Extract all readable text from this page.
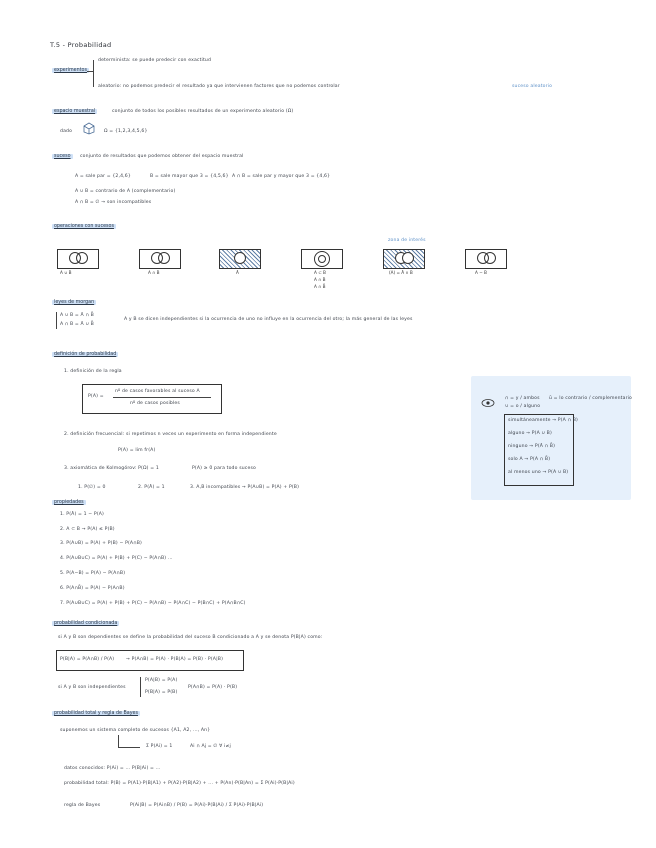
T.5 - Probabilidad
experimentos
determinista: se puede predecir con exactitud
aleatorio: no podemos predecir el resultado ya que intervienen factores que no podemos controlar	suceso aleatorio
espacio muestral	conjunto de todos los posibles resultados de un experimento aleatorio (Ω)
dado	Ω = {1,2,3,4,5,6}
suceso	conjunto de resultados que podemos obtener del espacio muestral
A = sale par = {2,4,6}	B = sale mayor que 3 = {4,5,6} A ∩ B = sale par y mayor que 3 = {4,6}
A ∪ B = contrario de A (complementario)
A ∩ B = ∅ → son incompatibles
operaciones con sucesos
zona de interés
A ∪ B	A ∩ B	Ā	A ⊂ B
A ∩ B
A ∩ B̄
(A) = Ā ∩ B	A − B
leyes de morgan
A ∪ B = Ā ∩ B̄
A ∩ B = Ā ∪ B̄
A y B se dicen independientes si la ocurrencia de uno no influye en la ocurrencia del otro; la más general de las leyes
definición de probabilidad
1. definición de la regla
P(A) =
nº de casos favorables al suceso A
nº de casos posibles
2. definición frecuencial: si repetimos n veces un experimento en forma independiente
P(A) = lim fr(A)
3. axiomática de Kolmogórov: P(Ω) = 1	P(A) ≥ 0 para todo suceso
1. P(∅) = 0	2. P(Ā) = 1	3. A,B incompatibles → P(A∪B) = P(A) + P(B)
propiedades
1. P(Ā) = 1 − P(A)
2. A ⊂ B → P(A) ≤ P(B)
3. P(A∪B) = P(A) + P(B) − P(A∩B)
4. P(A∪B∪C) = P(A) + P(B) + P(C) − P(A∩B) ...
5. P(A−B) = P(A) − P(A∩B)
6. P(A∩B̄) = P(A) − P(A∩B)
7. P(A∪B∪C) = P(A) + P(B) + P(C) − P(A∩B) − P(A∩C) − P(B∩C) + P(A∩B∩C)
probabilidad condicionada
si A y B son dependientes se define la probabilidad del suceso B condicionado a A y se denota P(B|A) como:
P(B|A) = P(A∩B) / P(A)	→ P(A∩B) = P(A) · P(B|A) = P(B) · P(A|B)
si A y B son independientes
P(A|B) = P(A)
P(B|A) = P(B)
P(A∩B) = P(A) · P(B)
probabilidad total y regla de Bayes
suponemos un sistema completo de sucesos {A1, A2, ..., An}
Σ P(Ai) = 1	Ai ∩ Aj = ∅ ∀ i≠j
datos conocidos: P(Ai) = ... P(B|Ai) = ...
probabilidad total: P(B) = P(A1)·P(B|A1) + P(A2)·P(B|A2) + ... + P(An)·P(B|An) = Σ P(Ai)·P(B|Ai)
regla de Bayes	P(Ai|B) = P(Ai∩B) / P(B) = P(Ai)·P(B|Ai) / Σ P(Ai)·P(B|Ai)
∩ = y / ambos
∪ = o / alguno
ū = lo contrario / complementario
simultáneamente → P(A ∩ B)
alguno → P(A ∪ B)
ninguno → P(Ā ∩ B̄)
solo A → P(A ∩ B̄)
al menos uno → P(A ∪ B)
